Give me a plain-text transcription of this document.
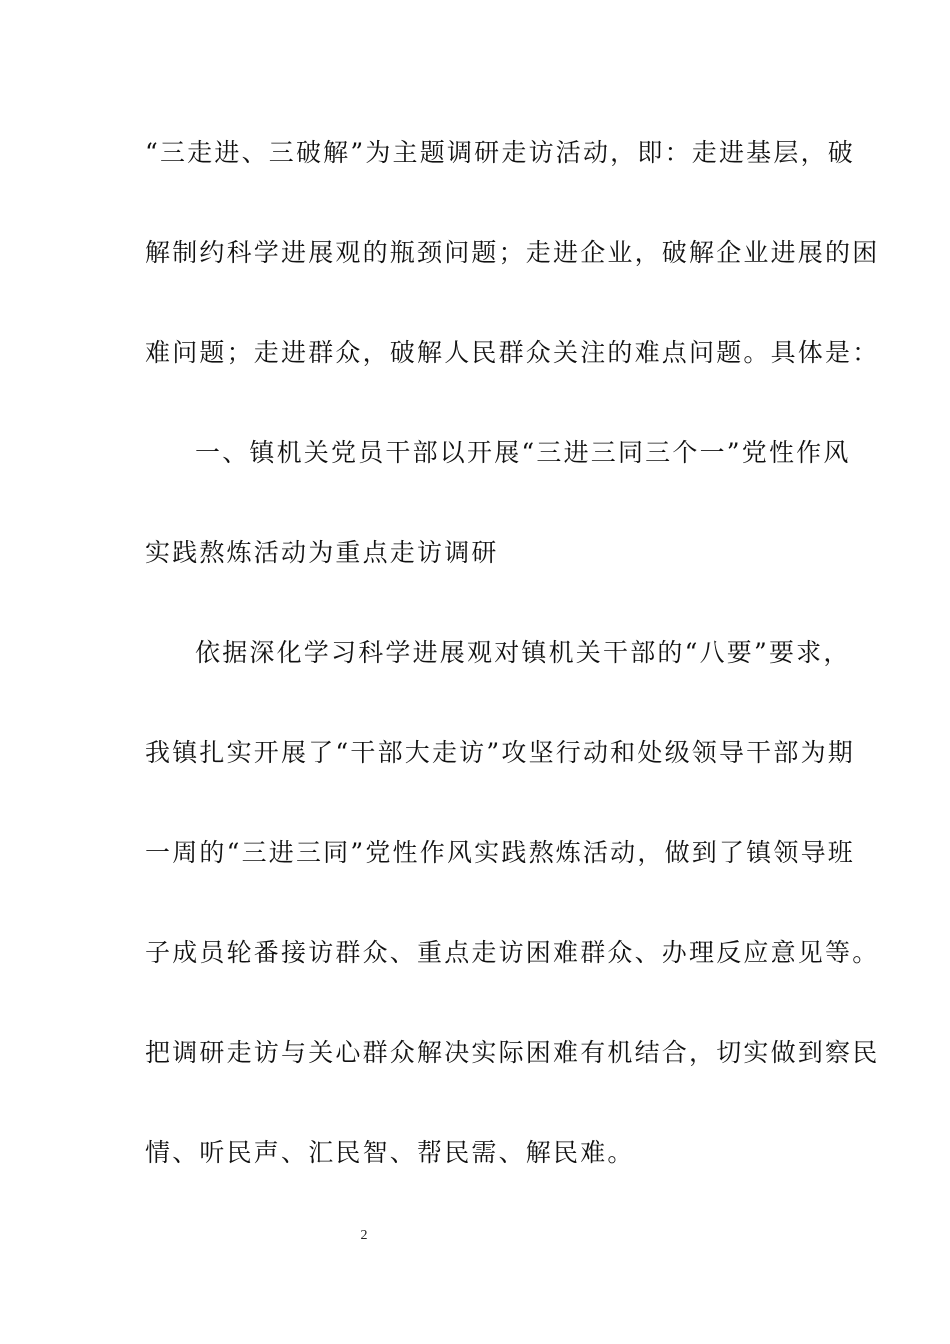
“三走进、三破解”为主题调研走访活动，即：走进基层，破
解制约科学进展观的瓶颈问题；走进企业，破解企业进展的困
难问题；走进群众，破解人民群众关注的难点问题。具体是：
一、镇机关党员干部以开展“三进三同三个一”党性作风
实践熬炼活动为重点走访调研
依据深化学习科学进展观对镇机关干部的“八要”要求，
我镇扎实开展了“干部大走访”攻坚行动和处级领导干部为期
一周的“三进三同”党性作风实践熬炼活动，做到了镇领导班
子成员轮番接访群众、重点走访困难群众、办理反应意见等。
把调研走访与关心群众解决实际困难有机结合，切实做到察民
情、听民声、汇民智、帮民需、解民难。
2
